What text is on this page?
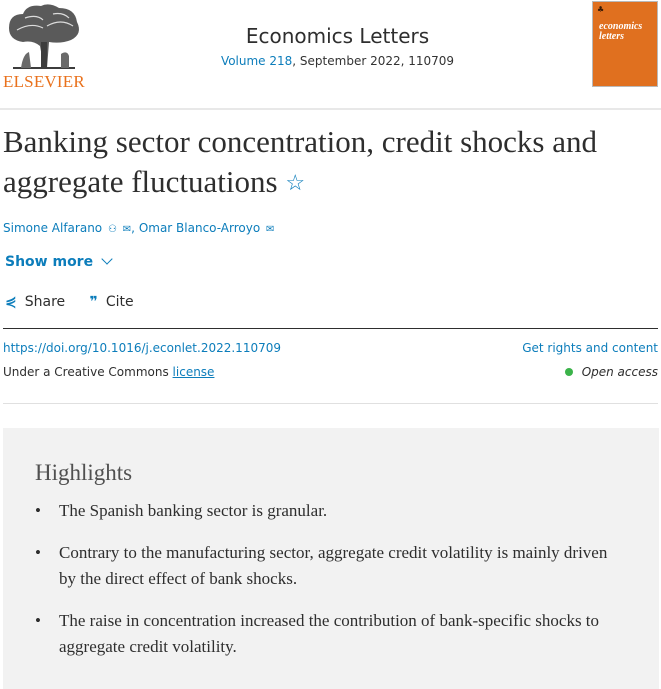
ELSEVIER
Economics Letters
Volume 218, September 2022, 110709
♣
economics letters
Banking sector concentration, credit shocks and aggregate fluctuations ☆
Simone Alfarano ⚇ ✉, Omar Blanco-Arroyo ✉
Show more
⋞ Share ❞ Cite
https://doi.org/10.1016/j.econlet.2022.110709
Under a Creative Commons license
Get rights and content
Open access
Highlights
• The Spanish banking sector is granular.
• Contrary to the manufacturing sector, aggregate credit volatility is mainly driven by the direct effect of bank shocks.
• The raise in concentration increased the contribution of bank-specific shocks to aggregate credit volatility.
